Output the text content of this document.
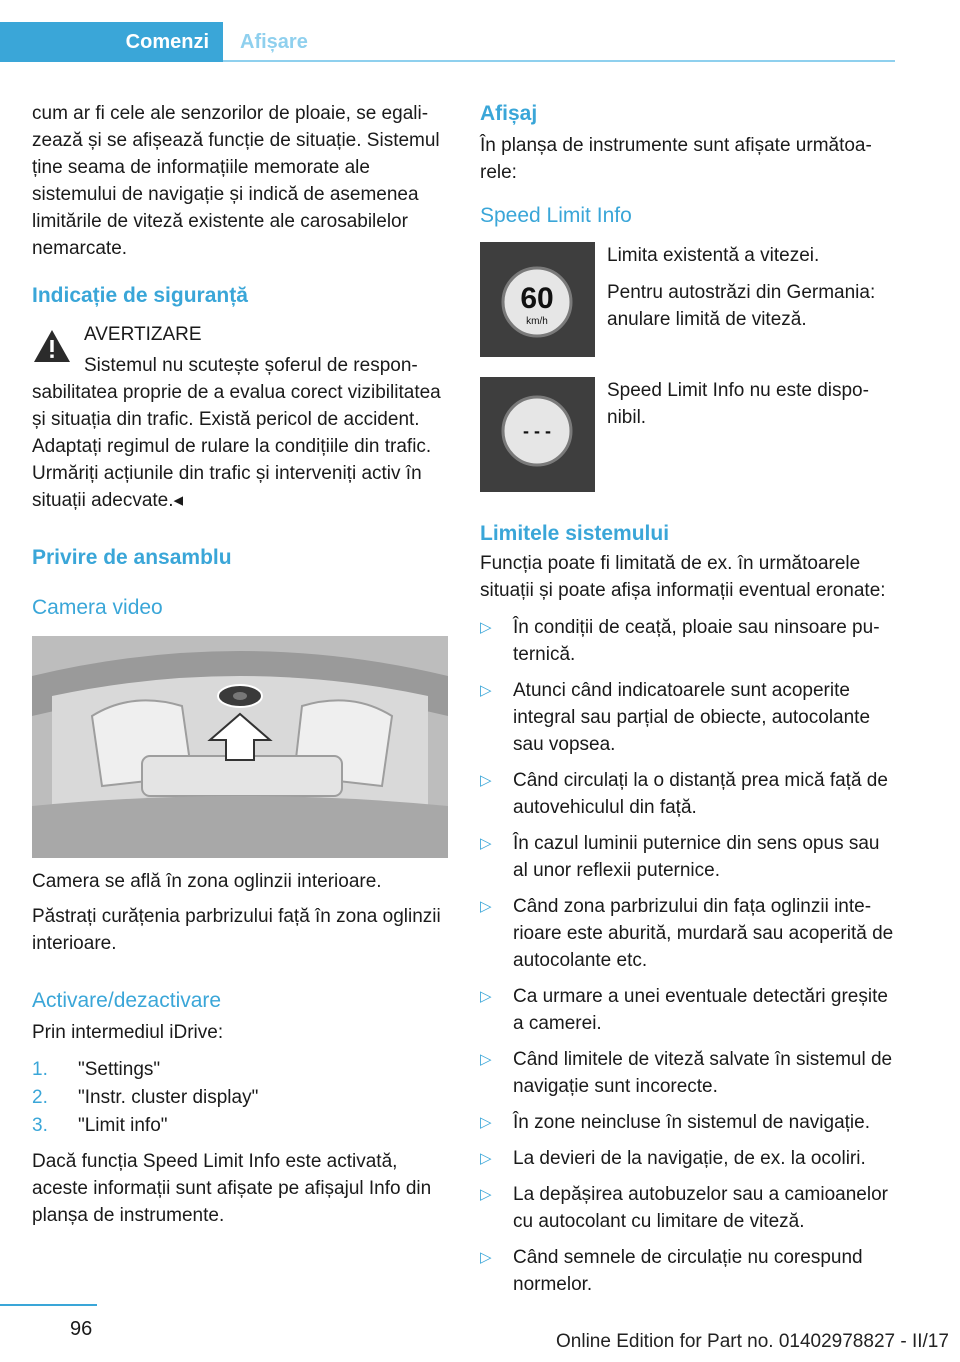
Comenzi	Afișare

cum ar fi cele ale senzorilor de ploaie, se egalizează și se afișează funcție de situație. Sistemul ține seama de informațiile memorate ale sistemului de navigație și indică de asemenea limitările de viteză existente ale carosabilelor nemarcate.

Indicație de siguranță

AVERTIZARE

Sistemul nu scutește șoferul de responsabilitatea proprie de a evalua corect vizibilitatea și situația din trafic. Există pericol de accident. Adaptați regimul de rulare la condițiile din trafic. Urmăriți acțiunile din trafic și interveniți activ în situații adecvate.◂

Privire de ansamblu
Camera video

Camera se află în zona oglinzii interioare.

Păstrați curățenia parbrizului față în zona oglinzii interioare.

Activare/dezactivare

Prin intermediul iDrive:

1. "Settings"
2. "Instr. cluster display"
3. "Limit info"

Dacă funcția Speed Limit Info este activată, aceste informații sunt afișate pe afișajul Info din planșa de instrumente.

Afișaj

În planșa de instrumente sunt afișate următoarele:

Speed Limit Info
60
km/h

Limita existentă a vitezei.

Pentru autostrăzi din Germania: anulare limită de viteză.

- - -

Speed Limit Info nu este disponibil.

Limitele sistemului

Funcția poate fi limitată de ex. în următoarele situații și poate afișa informații eventual eronate:

▷ În condiții de ceață, ploaie sau ninsoare puternică.
▷ Atunci când indicatoarele sunt acoperite integral sau parțial de obiecte, autocolante sau vopsea.
▷ Când circulați la o distanță prea mică față de autovehiculul din față.
▷ În cazul luminii puternice din sens opus sau al unor reflexii puternice.
▷ Când zona parbrizului din fața oglinzii interioare este aburită, murdară sau acoperită de autocolante etc.
▷ Ca urmare a unei eventuale detectări greșite a camerei.
▷ Când limitele de viteză salvate în sistemul de navigație sunt incorecte.
▷ În zone neincluse în sistemul de navigație.
▷ La devieri de la navigație, de ex. la ocoliri.
▷ La depășirea autobuzelor sau a camioanelor cu autocolant cu limitare de viteză.
▷ Când semnele de circulație nu corespund normelor.
96
Online Edition for Part no. 01402978827 - II/17
